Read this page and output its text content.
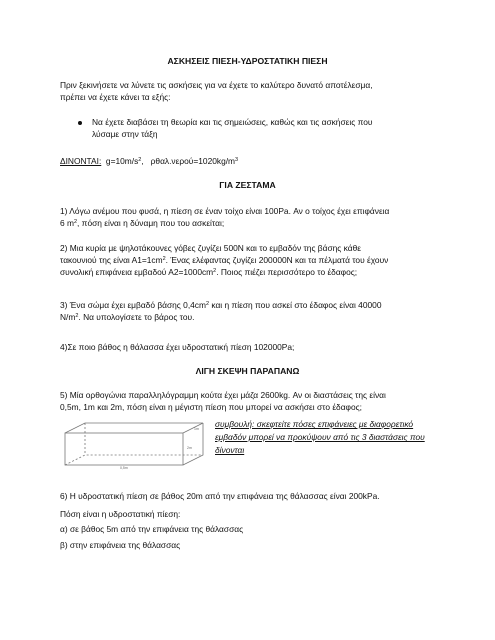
ΑΣΚΗΣΕΙΣ ΠΙΕΣΗ-ΥΔΡΟΣΤΑΤΙΚΗ ΠΙΕΣΗ

Πριν ξεκινήσετε να λύνετε τις ασκήσεις για να έχετε το καλύτερο δυνατό αποτέλεσμα,
πρέπει να έχετε κάνει τα εξής:

Να έχετε διαβάσει τη θεωρία και τις σημειώσεις, καθώς και τις ασκήσεις που
λύσαμε στην τάξη

ΔΙΝΟΝΤΑΙ: $g=10m/s^2$, $\rho\theta\alpha\lambda.\nu\varepsilon\rho oύ=1020kg/m^3$

ΓΙΑ ΖΕΣΤΑΜΑ

1) Λόγω ανέμου που φυσά, η πίεση σε έναν τοίχο είναι 100Pa. Αν ο τοίχος έχει επιφάνεια
6 $m^2$, πόση είναι η δύναμη που του ασκείται;

2) Μια κυρία με ψηλοτάκουνες γόβες ζυγίζει 500N και το εμβαδόν της βάσης κάθε
τακουνιού της είναι $A1=1cm^2$. Ένας ελέφαντας ζυγίζει 200000N και τα πέλματά του έχουν
συνολική επιφάνεια εμβαδού $A2=1000cm^2$. Ποιος πιέζει περισσότερο το έδαφος;

3) Ένα σώμα έχει εμβαδό βάσης $0,4cm^2$ και η πίεση που ασκεί στο έδαφος είναι 40000
$N/m^2$. Να υπολογίσετε το βάρος του.

4)Σε ποιο βάθος η θάλασσα έχει υδροστατική πίεση 102000Pa;

ΛΙΓΗ ΣΚΕΨΗ ΠΑΡΑΠΑΝΩ

5) Μία ορθογώνια παραλληλόγραμμη κούτα έχει μάζα 2600kg. Αν οι διαστάσεις της είναι
0,5m, 1m και 2m, πόση είναι η μέγιστη πίεση που μπορεί να ασκήσει στο έδαφος;

1m
2m
0,5m

συμβουλή: σκεφτείτε πόσες επιφάνειες με διαφορετικό
εμβαδόν μπορεί να προκύψουν από τις 3 διαστάσεις που
δίνονται

6) Η υδροστατική πίεση σε βάθος 20m από την επιφάνεια της θάλασσας είναι 200kPa.

Πόση είναι η υδροστατική πίεση:

α) σε βάθος 5m από την επιφάνεια της θάλασσας

β) στην επιφάνεια της θάλασσας
